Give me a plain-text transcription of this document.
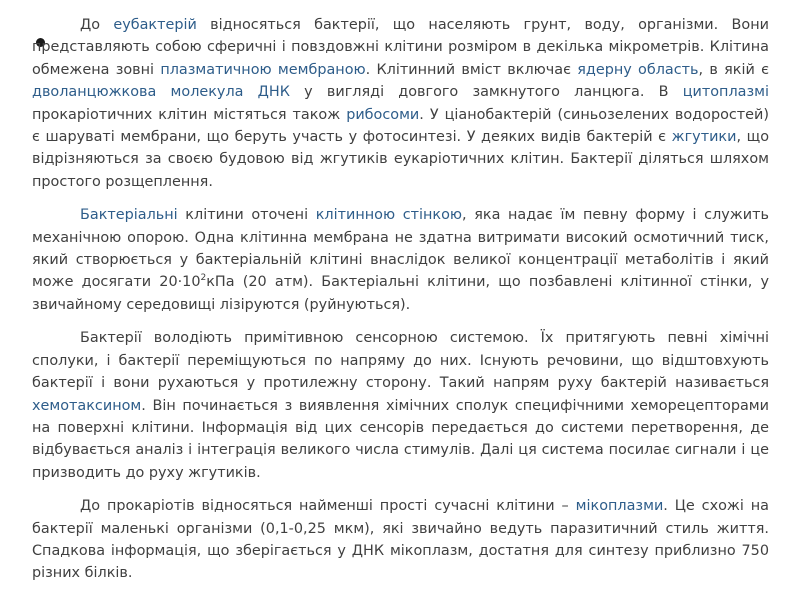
До еубактерій відносяться бактерії, що населяють грунт, воду, організми. Вони представляють собою сферичні і повздовжні клітини розміром в декілька мікрометрів. Клітина обмежена зовні плазматичною мембраною. Клітинний вміст включає ядерну область, в якій є дволанцюжкова молекула ДНК у вигляді довгого замкнутого ланцюга. В цитоплазмі прокаріотичних клітин містяться також рибосоми. У ціанобактерій (синьозелених водоростей) є шаруваті мембрани, що беруть участь у фотосинтезі. У деяких видів бактерій є жгутики, що відрізняються за своєю будовою від жгутиків еукаріотичних клітин. Бактерії діляться шляхом простого розщеплення.

Бактеріальні клітини оточені клітинною стінкою, яка надає їм певну форму і служить механічною опорою. Одна клітинна мембрана не здатна витримати високий осмотичний тиск, який створюється у бактеріальній клітині внаслідок великої концентрації метаболітів і який може досягати $20\cdot 10^2кПа$ (20 атм). Бактеріальні клітини, що позбавлені клітинної стінки, у звичайному середовищі лізіруются (руйнуються).

Бактерії володіють примітивною сенсорною системою. Їх притягують певні хімічні сполуки, і бактерії переміщуються по напряму до них. Існують речовини, що відштовхують бактерії і вони рухаються у протилежну сторону. Такий напрям руху бактерій називається хемотаксином. Він починається з виявлення хімічних сполук специфічними хеморецепторами на поверхні клітини. Інформація від цих сенсорів передається до системи перетворення, де відбувається аналіз і інтеграція великого числа стимулів. Далі ця система посилає сигнали і це призводить до руху жгутиків.

До прокаріотів відносяться найменші прості сучасні клітини – мікоплазми. Це схожі на бактерії маленькі організми (0,1-0,25 мкм), які звичайно ведуть паразитичний стиль життя. Спадкова інформація, що зберігається у ДНК мікоплазм, достатня для синтезу приблизно 750 різних білків.
